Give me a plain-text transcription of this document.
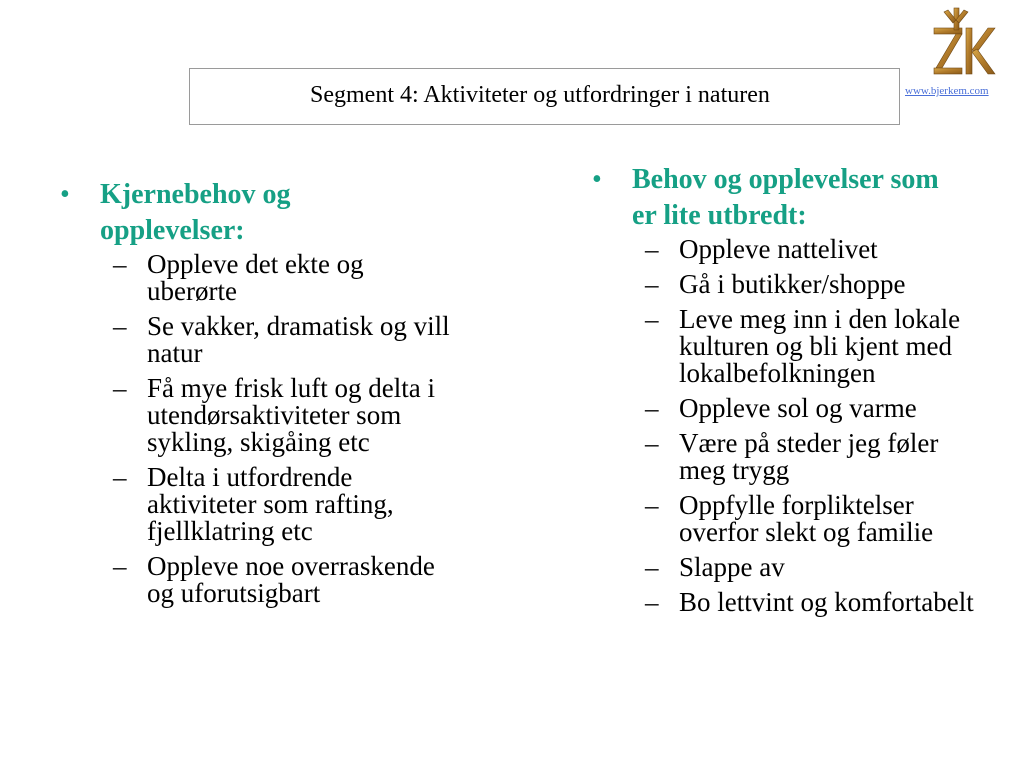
Segment 4: Aktiviteter og utfordringer i naturen	www.bjerkem.com
•	Kjernebehov og opplevelser:
– Oppleve det ekte og uberørte
– Se vakker, dramatisk og vill natur
– Få mye frisk luft og delta i utendørsaktiviteter som sykling, skigåing etc
– Delta i utfordrende aktiviteter som rafting, fjellklatring etc
– Oppleve noe overraskende og uforutsigbart
•	Behov og opplevelser som er lite utbredt:
– Oppleve nattelivet
– Gå i butikker/shoppe
– Leve meg inn i den lokale kulturen og bli kjent med lokalbefolkningen
– Oppleve sol og varme
– Være på steder jeg føler meg trygg
– Oppfylle forpliktelser overfor slekt og familie
– Slappe av
– Bo lettvint og komfortabelt
